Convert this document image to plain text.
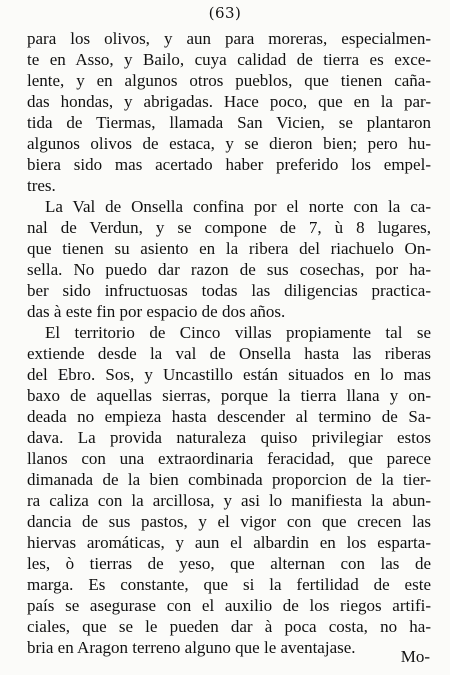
(63)
para los olivos, y aun para moreras, especialmen-
te en Asso, y Bailo, cuya calidad de tierra es exce-
lente, y en algunos otros pueblos, que tienen caña-
das hondas, y abrigadas. Hace poco, que en la par-
tida de Tiermas, llamada San Vicien, se plantaron
algunos olivos de estaca, y se dieron bien; pero hu-
biera sido mas acertado haber preferido los empel-
tres.
La Val de Onsella confina por el norte con la ca-
nal de Verdun, y se compone de 7, ù 8 lugares,
que tienen su asiento en la ribera del riachuelo On-
sella. No puedo dar razon de sus cosechas, por ha-
ber sido infructuosas todas las diligencias practica-
das à este fin por espacio de dos años.
El territorio de Cinco villas propiamente tal se
extiende desde la val de Onsella hasta las riberas
del Ebro. Sos, y Uncastillo están situados en lo mas
baxo de aquellas sierras, porque la tierra llana y on-
deada no empieza hasta descender al termino de Sa-
dava. La provida naturaleza quiso privilegiar estos
llanos con una extraordinaria feracidad, que parece
dimanada de la bien combinada proporcion de la tier-
ra caliza con la arcillosa, y asi lo manifiesta la abun-
dancia de sus pastos, y el vigor con que crecen las
hiervas aromáticas, y aun el albardin en los esparta-
les, ò tierras de yeso, que alternan con las de
marga. Es constante, que si la fertilidad de este
país se asegurase con el auxilio de los riegos artifi-
ciales, que se le pueden dar à poca costa, no ha-
bria en Aragon terreno alguno que le aventajase.	Mo-
